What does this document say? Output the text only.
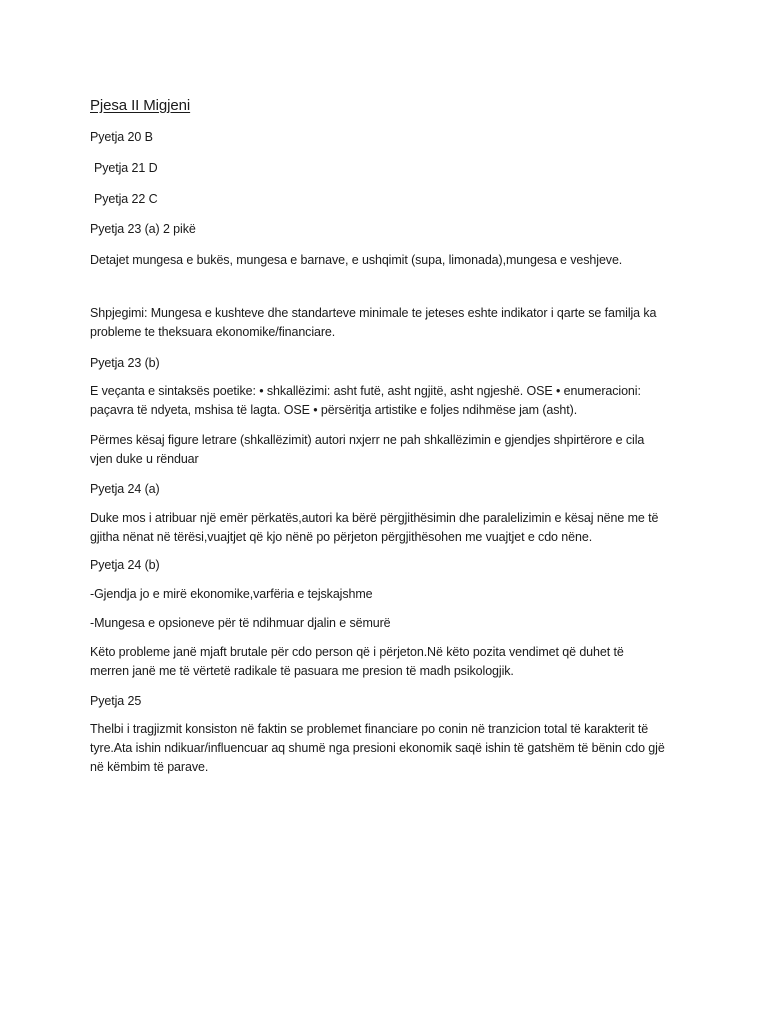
Pjesa II Migjeni
Pyetja 20 B
Pyetja 21 D
Pyetja 22 C
Pyetja 23 (a) 2 pikë
Detajet mungesa e bukës, mungesa e barnave, e ushqimit (supa, limonada),mungesa e veshjeve.
Shpjegimi: Mungesa e kushteve dhe standarteve minimale te jeteses eshte indikator i qarte se familja ka probleme te theksuara ekonomike/financiare.
Pyetja 23 (b)
E veçanta e sintaksës poetike: • shkallëzimi: asht futë, asht ngjitë, asht ngjeshë. OSE • enumeracioni: paçavra të ndyeta, mshisa të lagta. OSE • përsëritja artistike e foljes ndihmëse jam (asht).
Përmes kësaj figure letrare (shkallëzimit) autori nxjerr ne pah shkallëzimin e gjendjes shpirtërore e cila vjen duke u rënduar
Pyetja 24 (a)
Duke mos i atribuar një emër përkatës,autori ka bërë përgjithësimin dhe paralelizimin e kësaj nëne me të gjitha nënat në tërësi,vuajtjet që kjo nënë po përjeton përgjithësohen me vuajtjet e cdo nëne.
Pyetja 24 (b)
-Gjendja jo e mirë ekonomike,varfëria e tejskajshme
-Mungesa e opsioneve për të ndihmuar djalin e sëmurë
Këto probleme janë mjaft brutale për cdo person që i përjeton.Në këto pozita vendimet që duhet të merren janë me të vërtetë radikale të pasuara me presion të madh psikologjik.
Pyetja 25
Thelbi i tragjizmit konsiston në faktin se problemet financiare po conin në tranzicion total të karakterit të tyre.Ata ishin ndikuar/influencuar aq shumë nga presioni ekonomik saqë ishin të gatshëm të bënin cdo gjë në këmbim të parave.
